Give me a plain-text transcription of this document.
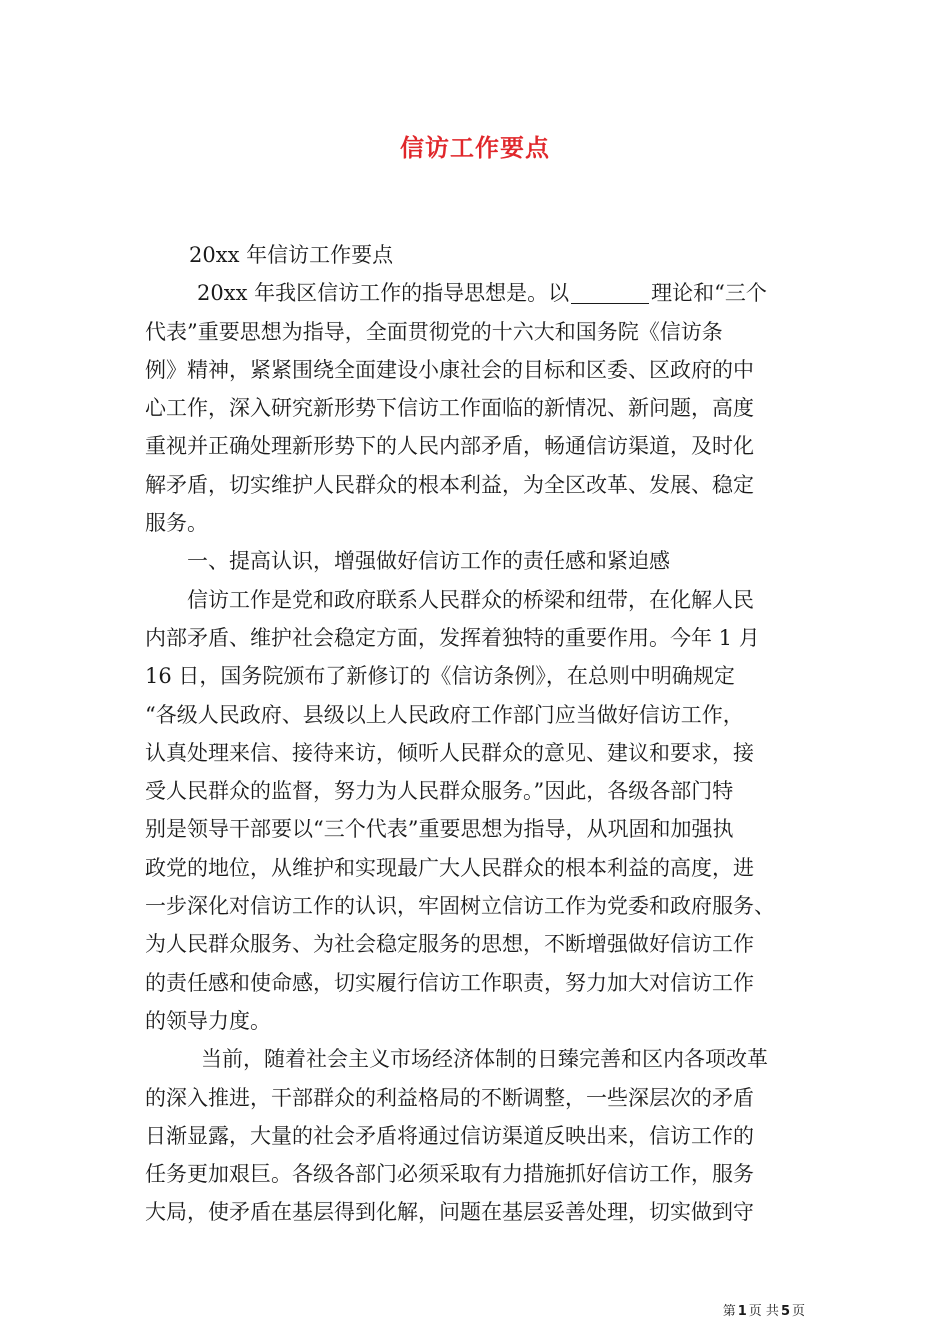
信访工作要点
20xx 年信访工作要点
20xx 年我区信访工作的指导思想是。以	理论和“三个
代表”重要思想为指导，全面贯彻党的十六大和国务院《信访条
例》精神，紧紧围绕全面建设小康社会的目标和区委、区政府的中
心工作，深入研究新形势下信访工作面临的新情况、新问题，高度
重视并正确处理新形势下的人民内部矛盾，畅通信访渠道，及时化
解矛盾，切实维护人民群众的根本利益，为全区改革、发展、稳定
服务。
一、提高认识，增强做好信访工作的责任感和紧迫感
信访工作是党和政府联系人民群众的桥梁和纽带，在化解人民
内部矛盾、维护社会稳定方面，发挥着独特的重要作用。今年 1 月
16 日，国务院颁布了新修订的《信访条例》，在总则中明确规定
“各级人民政府、县级以上人民政府工作部门应当做好信访工作，
认真处理来信、接待来访，倾听人民群众的意见、建议和要求，接
受人民群众的监督，努力为人民群众服务。”因此，各级各部门特
别是领导干部要以“三个代表”重要思想为指导，从巩固和加强执
政党的地位，从维护和实现最广大人民群众的根本利益的高度，进
一步深化对信访工作的认识，牢固树立信访工作为党委和政府服务、
为人民群众服务、为社会稳定服务的思想，不断增强做好信访工作
的责任感和使命感，切实履行信访工作职责，努力加大对信访工作
的领导力度。
当前，随着社会主义市场经济体制的日臻完善和区内各项改革
的深入推进，干部群众的利益格局的不断调整，一些深层次的矛盾
日渐显露，大量的社会矛盾将通过信访渠道反映出来，信访工作的
任务更加艰巨。各级各部门必须采取有力措施抓好信访工作，服务
大局，使矛盾在基层得到化解，问题在基层妥善处理，切实做到守
第 1 页 共 5 页
